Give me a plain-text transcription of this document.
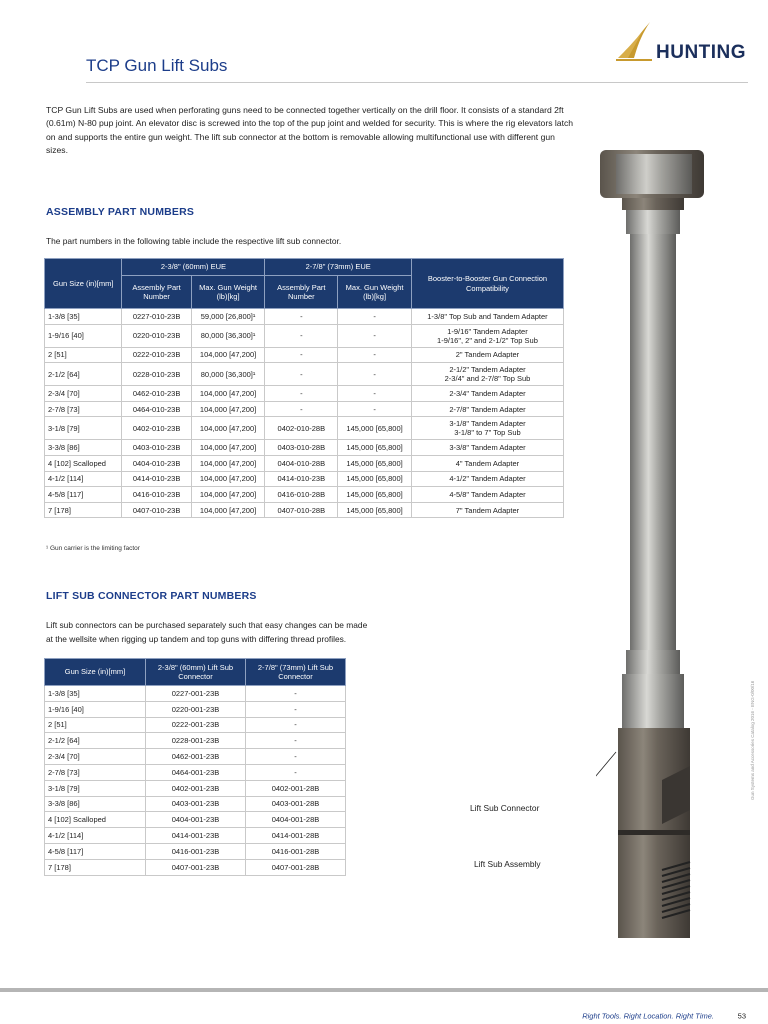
HUNTING
TCP Gun Lift Subs
TCP Gun Lift Subs are used when perforating guns need to be connected together vertically on the drill floor. It consists of a standard 2ft (0.61m) N-80 pup joint. An elevator disc is screwed into the top of the pup joint and welded for security. This is where the rig elevators latch on and supports the entire gun weight. The lift sub connector at the bottom is removable allowing multifunctional use with different gun sizes.
ASSEMBLY PART NUMBERS
The part numbers in the following table include the respective lift sub connector.
Gun Size (in)[mm]	2-3/8" (60mm) EUE		2-7/8" (73mm) EUE		Booster-to-Booster Gun Connection Compatibility
	Assembly Part Number	Max. Gun Weight (lb)[kg]	Assembly Part Number	Max. Gun Weight (lb)[kg]	
1-3/8 [35]	0227-010-23B	59,000 [26,800]¹	-	-	1-3/8" Top Sub and Tandem Adapter

1-9/16 [40]	0220-010-23B	80,000 [36,300]¹	-	-	1-9/16" Tandem Adapter
1-9/16", 2" and 2-1/2" Top Sub

2 [51]	0222-010-23B	104,000 [47,200]	-	-	2" Tandem Adapter

2-1/2 [64]	0228-010-23B	80,000 [36,300]¹	-	-	2-1/2" Tandem Adapter
2-3/4" and 2-7/8" Top Sub

2-3/4 [70]	0462-010-23B	104,000 [47,200]	-	-	2-3/4" Tandem Adapter

2-7/8 [73]	0464-010-23B	104,000 [47,200]	-	-	2-7/8" Tandem Adapter

3-1/8 [79]	0402-010-23B	104,000 [47,200]	0402-010-28B	145,000 [65,800]	3-1/8" Tandem Adapter
3-1/8" to 7" Top Sub

3-3/8 [86]	0403-010-23B	104,000 [47,200]	0403-010-28B	145,000 [65,800]	3-3/8" Tandem Adapter

4 [102] Scalloped	0404-010-23B	104,000 [47,200]	0404-010-28B	145,000 [65,800]	4" Tandem Adapter

4-1/2 [114]	0414-010-23B	104,000 [47,200]	0414-010-23B	145,000 [65,800]	4-1/2" Tandem Adapter

4-5/8 [117]	0416-010-23B	104,000 [47,200]	0416-010-28B	145,000 [65,800]	4-5/8" Tandem Adapter

7 [178]	0407-010-23B	104,000 [47,200]	0407-010-28B	145,000 [65,800]	7" Tandem Adapter
¹ Gun carrier is the limiting factor
LIFT SUB CONNECTOR PART NUMBERS
Lift sub connectors can be purchased separately such that easy changes can be made
at the wellsite when rigging up tandem and top guns with differing thread profiles.
Gun Size (in)[mm]	2-3/8" (60mm) Lift Sub Connector	2-7/8" (73mm) Lift Sub Connector
1-3/8 [35]	0227-001-23B	-
1-9/16 [40]	0220-001-23B	-
2 [51]	0222-001-23B	-
2-1/2 [64]	0228-001-23B	-
2-3/4 [70]	0462-001-23B	-
2-7/8 [73]	0464-001-23B	-
3-1/8 [79]	0402-001-23B	0402-001-28B
3-3/8 [86]	0403-001-23B	0403-001-28B
4 [102] Scalloped	0404-001-23B	0404-001-28B
4-1/2 [114]	0414-001-23B	0414-001-28B
4-5/8 [117]	0416-001-23B	0416-001-28B
7 [178]	0407-001-23B	0407-001-28B
Lift Sub Connector
Lift Sub Assembly
Gun Systems and Accessories Catalog 2016 - ENG-0/00/16
Right Tools. Right Location. Right Time.	53
